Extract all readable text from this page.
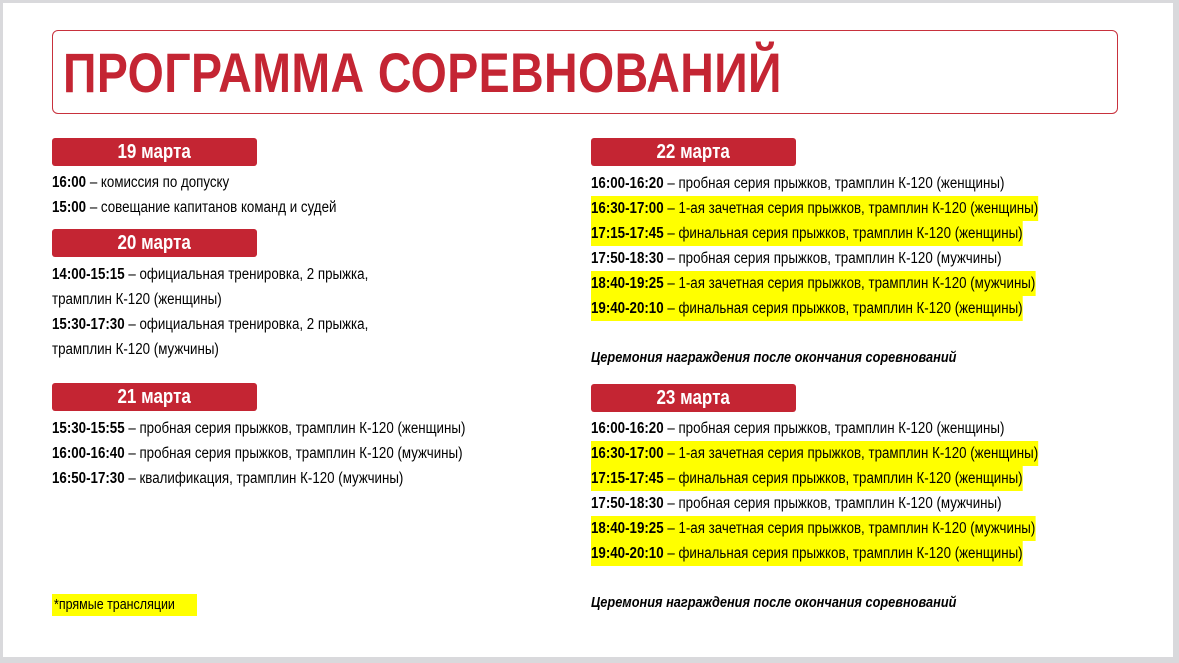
ПРОГРАММА СОРЕВНОВАНИЙ
19 марта
16:00 – комиссия по допуску
15:00 – совещание капитанов команд и судей
20 марта
14:00-15:15 – официальная тренировка, 2 прыжка,
трамплин К-120 (женщины)
15:30-17:30 – официальная тренировка, 2 прыжка,
трамплин К-120 (мужчины)
21 марта
15:30-15:55 – пробная серия прыжков, трамплин К-120 (женщины)
16:00-16:40 – пробная серия прыжков, трамплин К-120 (мужчины)
16:50-17:30 – квалификация, трамплин К-120 (мужчины)
22 марта
16:00-16:20 – пробная серия прыжков, трамплин К-120 (женщины)
16:30-17:00 – 1-ая зачетная серия прыжков, трамплин К-120 (женщины)
17:15-17:45 – финальная серия прыжков, трамплин К-120 (женщины)
17:50-18:30 – пробная серия прыжков, трамплин К-120 (мужчины)
18:40-19:25 – 1-ая зачетная серия прыжков, трамплин К-120 (мужчины)
19:40-20:10 – финальная серия прыжков, трамплин К-120 (женщины)
Церемония награждения после окончания соревнований
23 марта
16:00-16:20 – пробная серия прыжков, трамплин К-120 (женщины)
16:30-17:00 – 1-ая зачетная серия прыжков, трамплин К-120 (женщины)
17:15-17:45 – финальная серия прыжков, трамплин К-120 (женщины)
17:50-18:30 – пробная серия прыжков, трамплин К-120 (мужчины)
18:40-19:25 – 1-ая зачетная серия прыжков, трамплин К-120 (мужчины)
19:40-20:10 – финальная серия прыжков, трамплин К-120 (женщины)
Церемония награждения после окончания соревнований
*прямые трансляции
